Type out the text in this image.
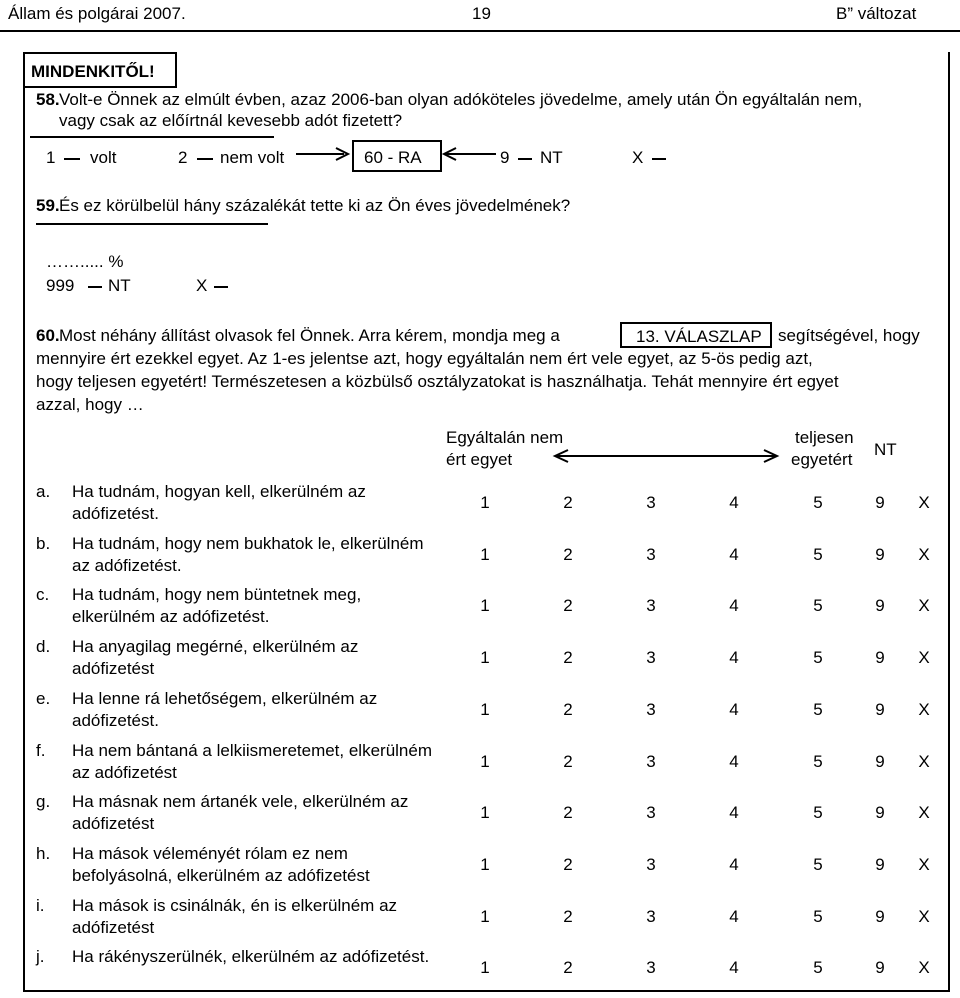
Állam és polgárai 2007.	19	B” változat
MINDENKITŐL!
58. Volt-e Önnek az elmúlt évben, azaz 2006-ban olyan adóköteles jövedelme, amely után Ön egyáltalán nem,
vagy csak az előírtnál kevesebb adót fizetett?
1 volt	2 nem volt	60 - RA	9 NT	X
59. És ez körülbelül hány százalékát tette ki az Ön éves jövedelmének?
……..... %
999 NT	X
60. Most néhány állítást olvasok fel Önnek. Arra kérem, mondja meg a	13. VÁLASZLAP segítségével, hogy
mennyire ért ezekkel egyet. Az 1-es jelentse azt, hogy egyáltalán nem ért vele egyet, az 5-ös pedig azt,
hogy teljesen egyetért! Természetesen a közbülső osztályzatokat is használhatja. Tehát mennyire ért egyet
azzal, hogy …
Egyáltalán nem
ért egyet
teljesen
egyetért
NT
a. Ha tudnám, hogyan kell, elkerülném az adófizetést.
1	2	3	4	5	9	X
b. Ha tudnám, hogy nem bukhatok le, elkerülném az adófizetést.
1	2	3	4	5	9	X
c. Ha tudnám, hogy nem büntetnek meg, elkerülném az adófizetést.
1	2	3	4	5	9	X
d. Ha anyagilag megérné, elkerülném az adófizetést
1	2	3	4	5	9	X
e. Ha lenne rá lehetőségem, elkerülném az adófizetést.
1	2	3	4	5	9	X
f. Ha nem bántaná a lelkiismeretemet, elkerülném az adófizetést
1	2	3	4	5	9	X
g. Ha másnak nem ártanék vele, elkerülném az adófizetést
1	2	3	4	5	9	X
h. Ha mások véleményét rólam ez nem befolyásolná, elkerülném az adófizetést
1	2	3	4	5	9	X
i. Ha mások is csinálnák, én is elkerülném az adófizetést
1	2	3	4	5	9	X
j. Ha rákényszerülnék, elkerülném az adófizetést.
1	2	3	4	5	9	X
